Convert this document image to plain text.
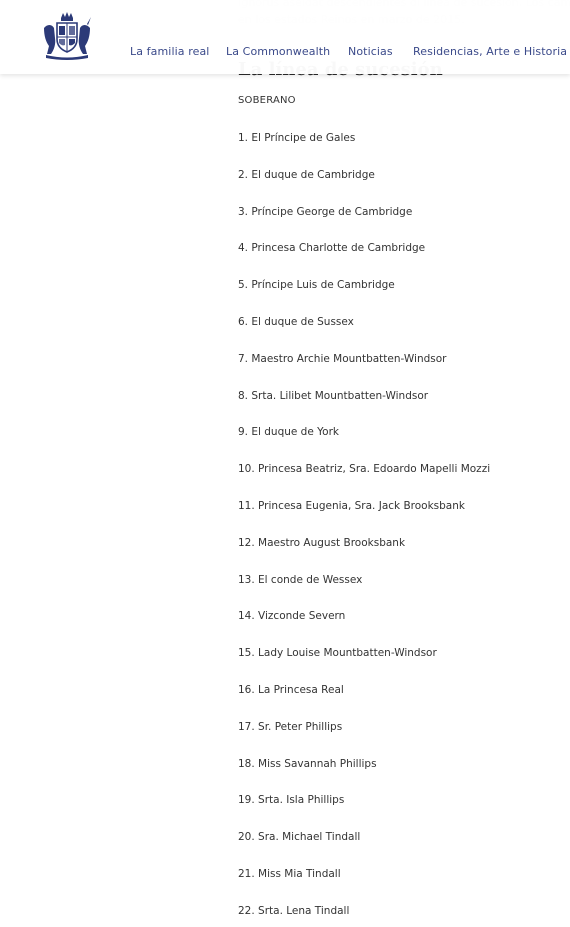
La familia real La Commonwealth Noticias Residencias, Arte e Historia
SOBERANO
1. El Príncipe de Gales
2. El duque de Cambridge
3. Príncipe George de Cambridge
4. Princesa Charlotte de Cambridge
5. Príncipe Luis de Cambridge
6. El duque de Sussex
7. Maestro Archie Mountbatten-Windsor
8. Srta. Lilibet Mountbatten-Windsor
9. El duque de York
10. Princesa Beatriz, Sra. Edoardo Mapelli Mozzi
11. Princesa Eugenia, Sra. Jack Brooksbank
12. Maestro August Brooksbank
13. El conde de Wessex
14. Vizconde Severn
15. Lady Louise Mountbatten-Windsor
16. La Princesa Real
17. Sr. Peter Phillips
18. Miss Savannah Phillips
19. Srta. Isla Phillips
20. Sra. Michael Tindall
21. Miss Mia Tindall
22. Srta. Lena Tindall
